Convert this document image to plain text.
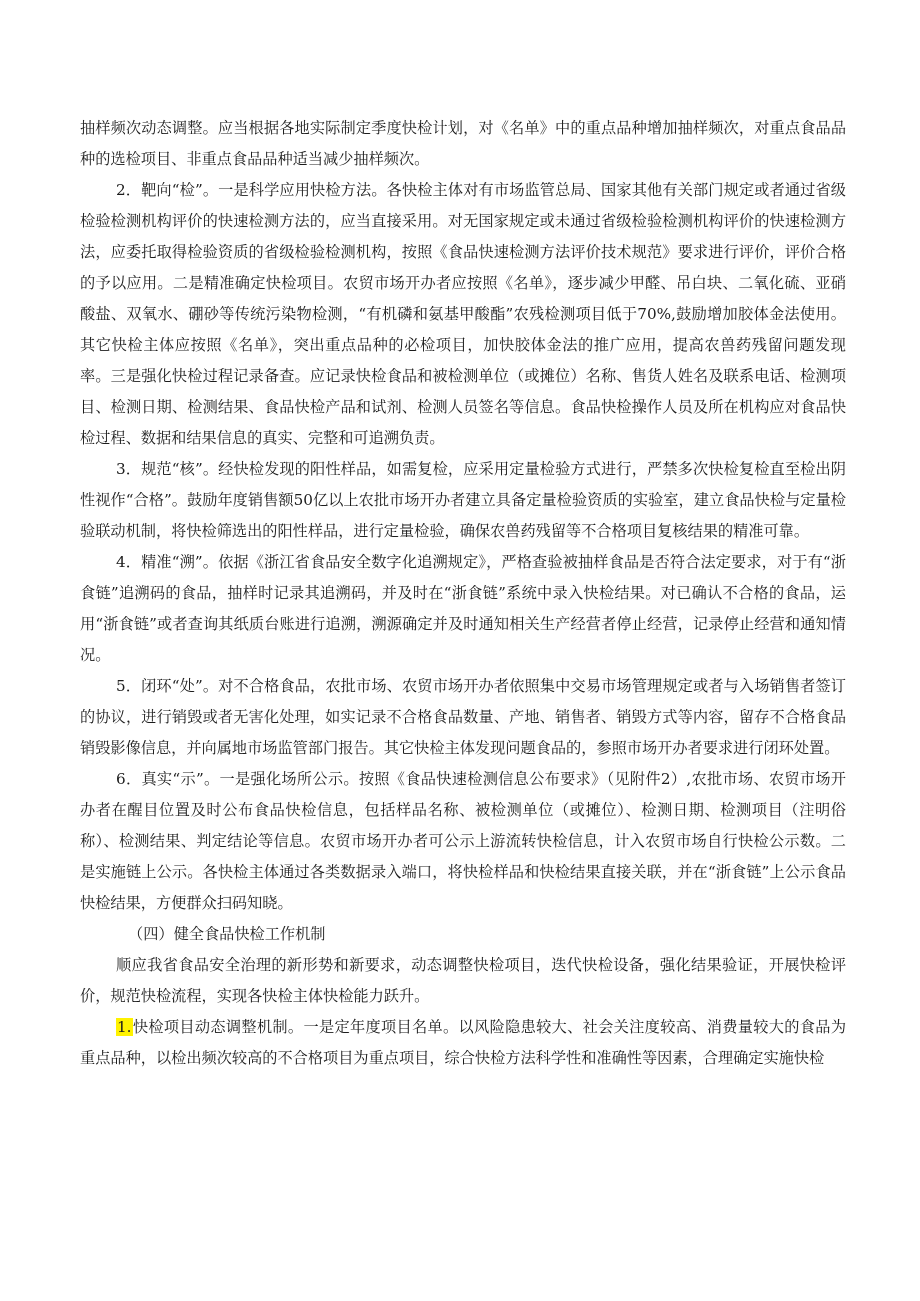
抽样频次动态调整。应当根据各地实际制定季度快检计划，对《名单》中的重点品种增加抽样频次，对重点食品品种的选检项目、非重点食品品种适当减少抽样频次。

2．靶向“检”。一是科学应用快检方法。各快检主体对有市场监管总局、国家其他有关部门规定或者通过省级检验检测机构评价的快速检测方法的，应当直接采用。对无国家规定或未通过省级检验检测机构评价的快速检测方法，应委托取得检验资质的省级检验检测机构，按照《食品快速检测方法评价技术规范》要求进行评价，评价合格的予以应用。二是精准确定快检项目。农贸市场开办者应按照《名单》，逐步减少甲醛、吊白块、二氧化硫、亚硝酸盐、双氧水、硼砂等传统污染物检测，“有机磷和氨基甲酸酯”农残检测项目低于70%,鼓励增加胶体金法使用。其它快检主体应按照《名单》，突出重点品种的必检项目，加快胶体金法的推广应用，提高农兽药残留问题发现率。三是强化快检过程记录备查。应记录快检食品和被检测单位（或摊位）名称、售货人姓名及联系电话、检测项目、检测日期、检测结果、食品快检产品和试剂、检测人员签名等信息。食品快检操作人员及所在机构应对食品快检过程、数据和结果信息的真实、完整和可追溯负责。

3．规范“核”。经快检发现的阳性样品，如需复检，应采用定量检验方式进行，严禁多次快检复检直至检出阴性视作“合格”。鼓励年度销售额50亿以上农批市场开办者建立具备定量检验资质的实验室，建立食品快检与定量检验联动机制，将快检筛选出的阳性样品，进行定量检验，确保农兽药残留等不合格项目复核结果的精准可靠。

4．精准“溯”。依据《浙江省食品安全数字化追溯规定》，严格查验被抽样食品是否符合法定要求，对于有“浙食链”追溯码的食品，抽样时记录其追溯码，并及时在“浙食链”系统中录入快检结果。对已确认不合格的食品，运用“浙食链”或者查询其纸质台账进行追溯，溯源确定并及时通知相关生产经营者停止经营，记录停止经营和通知情况。

5．闭环“处”。对不合格食品，农批市场、农贸市场开办者依照集中交易市场管理规定或者与入场销售者签订的协议，进行销毁或者无害化处理，如实记录不合格食品数量、产地、销售者、销毁方式等内容，留存不合格食品销毁影像信息，并向属地市场监管部门报告。其它快检主体发现问题食品的，参照市场开办者要求进行闭环处置。

6．真实“示”。一是强化场所公示。按照《食品快速检测信息公布要求》（见附件2）,农批市场、农贸市场开办者在醒目位置及时公布食品快检信息，包括样品名称、被检测单位（或摊位）、检测日期、检测项目（注明俗称）、检测结果、判定结论等信息。农贸市场开办者可公示上游流转快检信息，计入农贸市场自行快检公示数。二是实施链上公示。各快检主体通过各类数据录入端口，将快检样品和快检结果直接关联，并在“浙食链”上公示食品快检结果，方便群众扫码知晓。

（四）健全食品快检工作机制

顺应我省食品安全治理的新形势和新要求，动态调整快检项目，迭代快检设备，强化结果验证，开展快检评价，规范快检流程，实现各快检主体快检能力跃升。

1.快检项目动态调整机制。一是定年度项目名单。以风险隐患较大、社会关注度较高、消费量较大的食品为重点品种，以检出频次较高的不合格项目为重点项目，综合快检方法科学性和准确性等因素，合理确定实施快检
